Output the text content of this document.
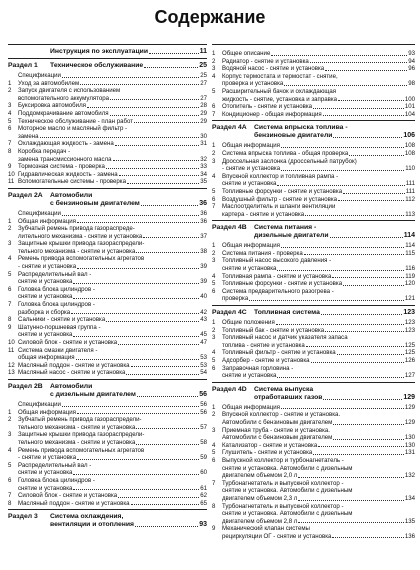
Содержание
Инструкция по эксплуатации	11
Раздел 1	Техническое обслуживание	25
Спецификации	25
1	Уход за автомобилем	27
2	Запуск двигателя с использованием
вспомогательного аккумулятора	27
3	Буксировка автомобиля	28
4	Поддомкрачивание автомобиля	29
5	Техническое обслуживание - план работ	29
6	Моторное масло и масляный фильтр -
замена	30
7	Охлаждающая жидкость - замена	31
8	Коробка передач -
замена трансмиссионного масла	32
9	Тормозная система - проверка	33
10 Гидравлическая жидкость - замена	34
11 Вспомогательные системы - проверка	35
Раздел 2A	Автомобили
с бензиновым двигателем	36
Спецификации	36
1	Общая информация	36
2	Зубчатый ремень привода газораспреде-
лительного механизма - снятие и установка	37
3	Защитные крышки привода газораспредели-
тельного механизма - снятие и установка	38
4	Ремень привода вспомогательных агрегатов
- снятие и установка	39
5	Распределительный вал -
снятие и установка	39
6	Головка блока цилиндров -
снятие и установка	40
7	Головка блока цилиндров -
разборка и сборка	42
8	Сальники - снятие и установка	43
9	Шатунно-поршневая группа -
снятие и установка	45
10 Силовой блок - снятие и установка	47
11 Система смазки двигателя -
общая информация	53
12 Масляный поддон - снятие и установка	53
13 Масляный насос - снятие и установка	54
Раздел 2B	Автомобили
с дизельным двигателем	56
Спецификации	56
1	Общая информация	56
2	Зубчатый ремень привода газораспредели-
тельного механизма - снятие и установка	57
3	Защитные крышки привода газораспредели-
тельного механизма - снятие и установка	58
4	Ремень привода вспомогательных агрегатов
- снятие и установка	59
5	Распределительный вал -
снятие и установка	60
6	Головка блока цилиндров -
снятие и установка	61
7	Силовой блок - снятие и установка	62
8	Масляный поддон - снятие и установка	65
Раздел 3	Система охлаждения,
вентиляции и отопления	93
1	Общее описание	93
2	Радиатор - снятие и установка	94
3	Водяной насос - снятие и установка	96
4	Корпус термостата и термостат - снятие,
проверка и установка	98
5	Расширительный бачок и охлаждающая
жидкость - снятие, установка и заправка	100
6	Отопитель - снятие и установка	101
7	Кондиционер - общая информация	104
Раздел 4A	Система впрыска топлива -
бензиновые двигатели	106
1	Общая информация	108
2	Система впрыска топлива - общая проверка	108
3	Дроссельная заслонка (дроссельный патрубок)
- снятие и установка	110
4	Впускной коллектор и топливная рампа -
снятие и установка	111
5	Топливные форсунки - снятие и установка	111
6	Воздушный фильтр - снятие и установка	112
7	Маслоотделитель и шланги вентиляции
картера - снятие и установка	113
Раздел 4B	Система питания -
дизельные двигатели	114
1	Общая информация	114
2	Система питания - проверка	115
3	Топливный насос высокого давления -
снятие и установка	116
4	Топливная рампа - снятие и установка	119
5	Топливные форсунки - снятие и установка	120
6	Система предварительного разогрева -
проверка	121
Раздел 4C	Топливная система	123
1	Общие положения	123
2	Топливный бак - снятие и установка	123
3	Топливный насос и датчик указателя запаса
топлива - снятие и установка	125
4	Топливный фильтр - снятие и установка	125
5	Адсорбер - снятие и установка	126
6	Заправочная горловина -
снятие и установка	127
Раздел 4D	Система выпуска
отработавших газов	129
1	Общая информация	129
2	Впускной коллектор - снятие и установка.
Автомобили с бензиновым двигателем	129
3	Приемная труба - снятие и установка.
Автомобили с бензиновым двигателем	130
4	Катализатор - снятие и установка	130
5	Глушитель - снятие и установка	131
6	Выпускной коллектор и турбонагнетатель -
снятие и установка. Автомобили с дизельным
двигателем объемом 2,0 л	132
7	Турбонагнетатель и выпускной коллектор -
снятие и установка. Автомобили с дизельным
двигателем объемом 2,3 л	134
8	Турбонагнетатель и выпускной коллектор -
снятие и установка. Автомобили с дизельным
двигателем объемом 2,8 л	135
9	Механический клапан системы
рециркуляции ОГ - снятие и установка	136
